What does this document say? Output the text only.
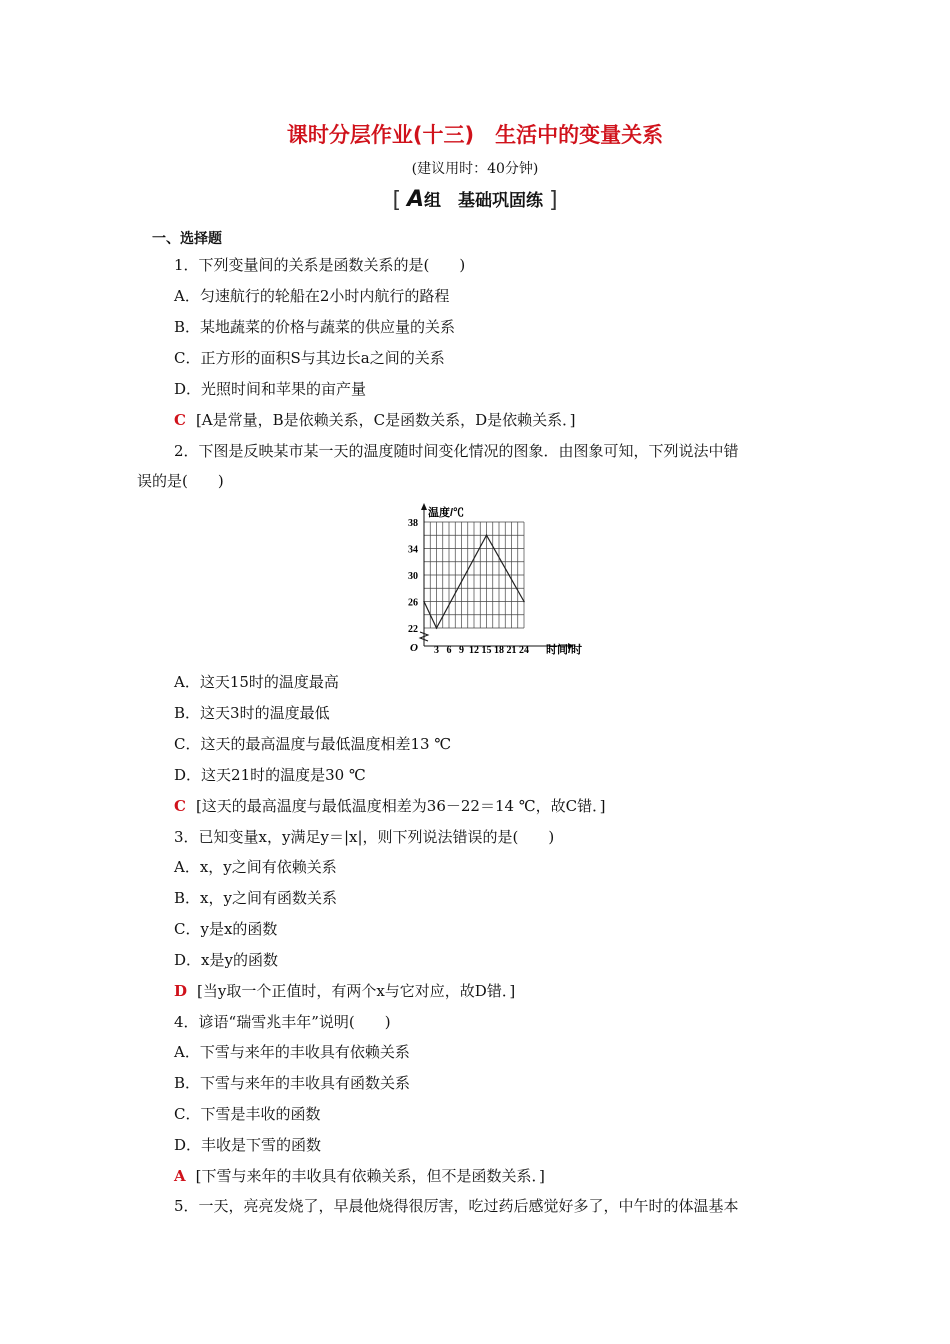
课时分层作业(十三)　生活中的变量关系
(建议用时：40分钟)
[ A组　基础巩固练 ]
一、选择题
1．下列变量间的关系是函数关系的是(　　)
A．匀速航行的轮船在2小时内航行的路程
B．某地蔬菜的价格与蔬菜的供应量的关系
C．正方形的面积S与其边长a之间的关系
D．光照时间和苹果的亩产量
C [A是常量，B是依赖关系，C是函数关系，D是依赖关系．]
2．下图是反映某市某一天的温度随时间变化情况的图象．由图象可知，下列说法中错
误的是(　　)
3 6 9 12 15 18 21 24
22
26
30
34
38
温度/℃
时间/时
O
A．这天15时的温度最高
B．这天3时的温度最低
C．这天的最高温度与最低温度相差13 ℃
D．这天21时的温度是30 ℃
C [这天的最高温度与最低温度相差为36－22＝14 ℃，故C错．]
3．已知变量x，y满足y＝|x|，则下列说法错误的是(　　)
A．x，y之间有依赖关系
B．x，y之间有函数关系
C．y是x的函数
D．x是y的函数
D [当y取一个正值时，有两个x与它对应，故D错．]
4．谚语“瑞雪兆丰年”说明(　　)
A．下雪与来年的丰收具有依赖关系
B．下雪与来年的丰收具有函数关系
C．下雪是丰收的函数
D．丰收是下雪的函数
A [下雪与来年的丰收具有依赖关系，但不是函数关系．]
5．一天，亮亮发烧了，早晨他烧得很厉害，吃过药后感觉好多了，中午时的体温基本
